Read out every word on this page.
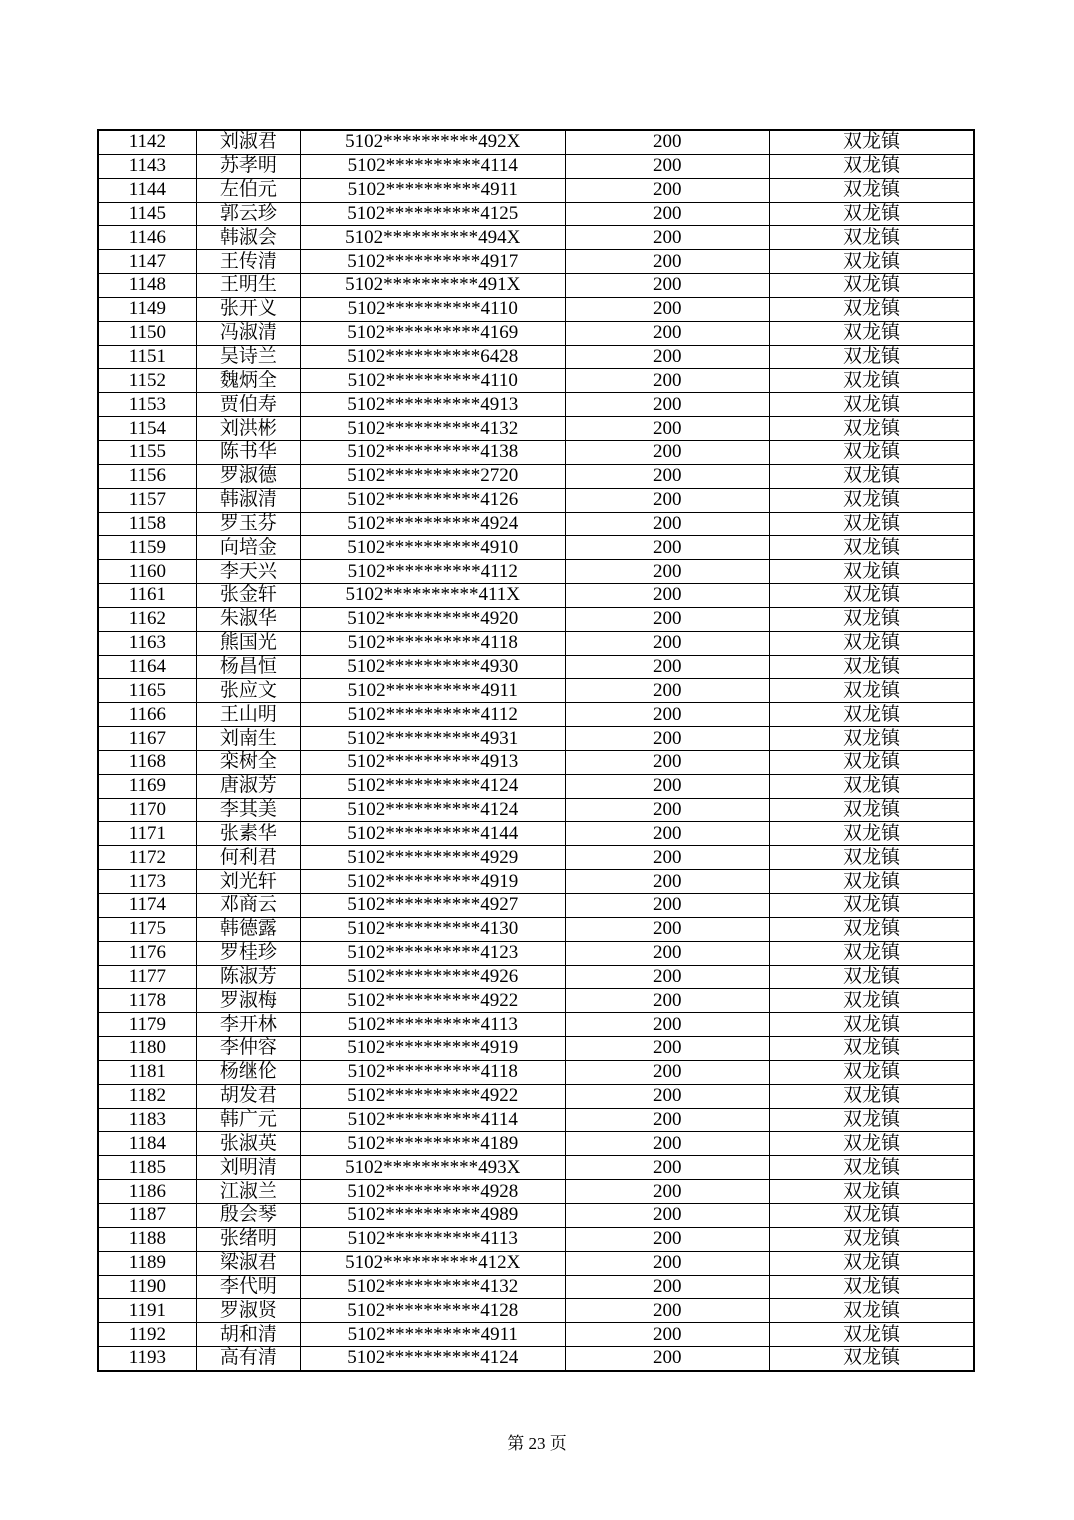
1142	刘淑君	5102**********492X	200	双龙镇
1143	苏孝明	5102**********4114	200	双龙镇
1144	左伯元	5102**********4911	200	双龙镇
1145	郭云珍	5102**********4125	200	双龙镇
1146	韩淑会	5102**********494X	200	双龙镇
1147	王传清	5102**********4917	200	双龙镇
1148	王明生	5102**********491X	200	双龙镇
1149	张开义	5102**********4110	200	双龙镇
1150	冯淑清	5102**********4169	200	双龙镇
1151	吴诗兰	5102**********6428	200	双龙镇
1152	魏炳全	5102**********4110	200	双龙镇
1153	贾伯寿	5102**********4913	200	双龙镇
1154	刘洪彬	5102**********4132	200	双龙镇
1155	陈书华	5102**********4138	200	双龙镇
1156	罗淑德	5102**********2720	200	双龙镇
1157	韩淑清	5102**********4126	200	双龙镇
1158	罗玉芬	5102**********4924	200	双龙镇
1159	向培金	5102**********4910	200	双龙镇
1160	李天兴	5102**********4112	200	双龙镇
1161	张金轩	5102**********411X	200	双龙镇
1162	朱淑华	5102**********4920	200	双龙镇
1163	熊国光	5102**********4118	200	双龙镇
1164	杨昌恒	5102**********4930	200	双龙镇
1165	张应文	5102**********4911	200	双龙镇
1166	王山明	5102**********4112	200	双龙镇
1167	刘南生	5102**********4931	200	双龙镇
1168	栾树全	5102**********4913	200	双龙镇
1169	唐淑芳	5102**********4124	200	双龙镇
1170	李其美	5102**********4124	200	双龙镇
1171	张素华	5102**********4144	200	双龙镇
1172	何利君	5102**********4929	200	双龙镇
1173	刘光轩	5102**********4919	200	双龙镇
1174	邓商云	5102**********4927	200	双龙镇
1175	韩德露	5102**********4130	200	双龙镇
1176	罗桂珍	5102**********4123	200	双龙镇
1177	陈淑芳	5102**********4926	200	双龙镇
1178	罗淑梅	5102**********4922	200	双龙镇
1179	李开林	5102**********4113	200	双龙镇
1180	李仲容	5102**********4919	200	双龙镇
1181	杨继伦	5102**********4118	200	双龙镇
1182	胡发君	5102**********4922	200	双龙镇
1183	韩广元	5102**********4114	200	双龙镇
1184	张淑英	5102**********4189	200	双龙镇
1185	刘明清	5102**********493X	200	双龙镇
1186	江淑兰	5102**********4928	200	双龙镇
1187	殷会琴	5102**********4989	200	双龙镇
1188	张绪明	5102**********4113	200	双龙镇
1189	梁淑君	5102**********412X	200	双龙镇
1190	李代明	5102**********4132	200	双龙镇
1191	罗淑贤	5102**********4128	200	双龙镇
1192	胡和清	5102**********4911	200	双龙镇
1193	高有清	5102**********4124	200	双龙镇
第 23 页
